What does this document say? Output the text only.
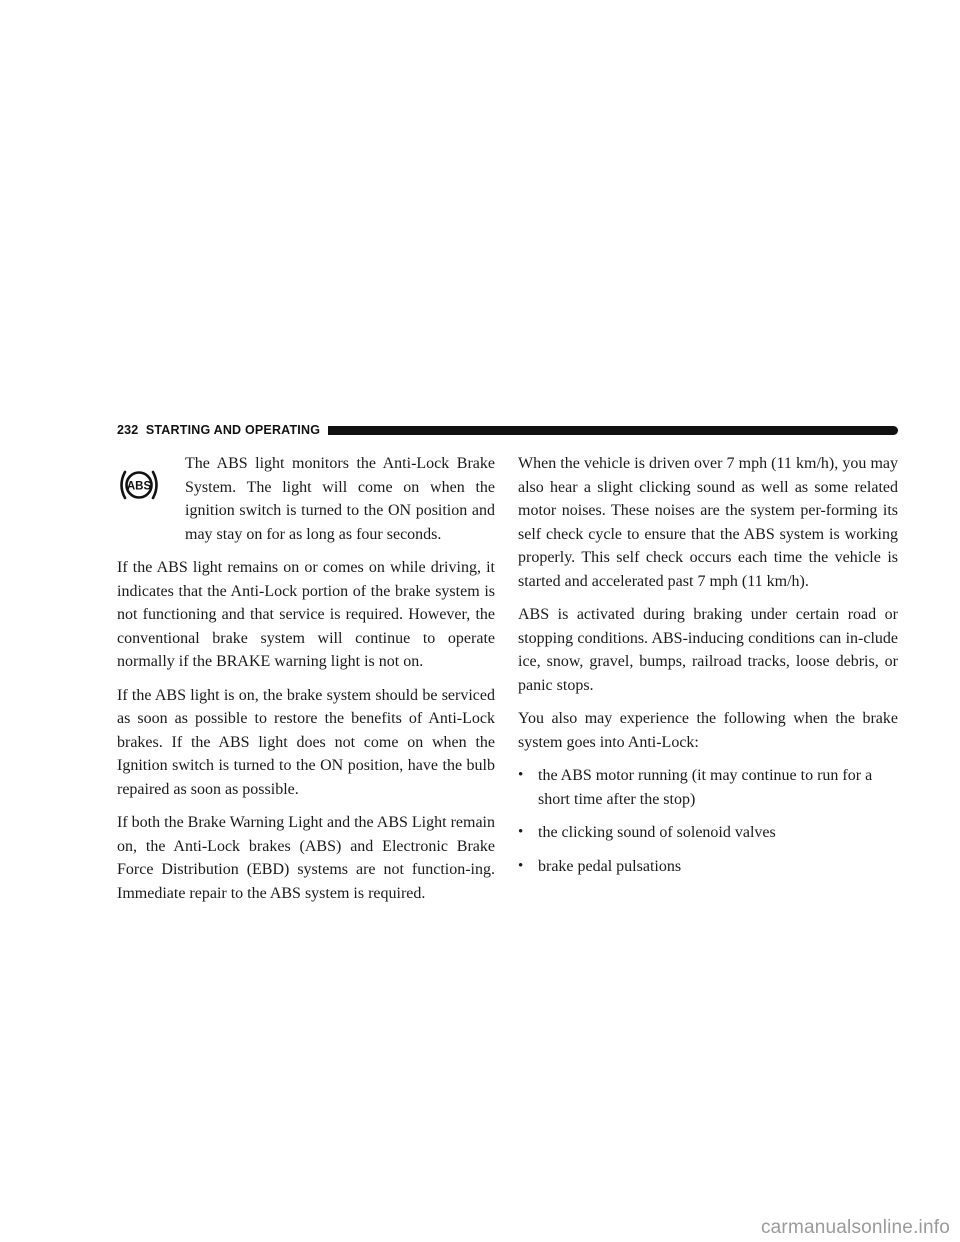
232 STARTING AND OPERATING
ABS

The ABS light monitors the Anti-Lock Brake System. The light will come on when the ignition switch is turned to the ON position and may stay on for as long as four seconds.

If the ABS light remains on or comes on while driving, it indicates that the Anti-Lock portion of the brake system is not functioning and that service is required. However, the conventional brake system will continue to operate normally if the BRAKE warning light is not on.

If the ABS light is on, the brake system should be serviced as soon as possible to restore the benefits of Anti-Lock brakes. If the ABS light does not come on when the Ignition switch is turned to the ON position, have the bulb repaired as soon as possible.

If both the Brake Warning Light and the ABS Light remain on, the Anti-Lock brakes (ABS) and Electronic Brake Force Distribution (EBD) systems are not function-ing. Immediate repair to the ABS system is required.

When the vehicle is driven over 7 mph (11 km/h), you may also hear a slight clicking sound as well as some related motor noises. These noises are the system per-forming its self check cycle to ensure that the ABS system is working properly. This self check occurs each time the vehicle is started and accelerated past 7 mph (11 km/h).

ABS is activated during braking under certain road or stopping conditions. ABS-inducing conditions can in-clude ice, snow, gravel, bumps, railroad tracks, loose debris, or panic stops.

You also may experience the following when the brake system goes into Anti-Lock:

• the ABS motor running (it may continue to run for a short time after the stop)
• the clicking sound of solenoid valves
• brake pedal pulsations
carmanualsonline.info
